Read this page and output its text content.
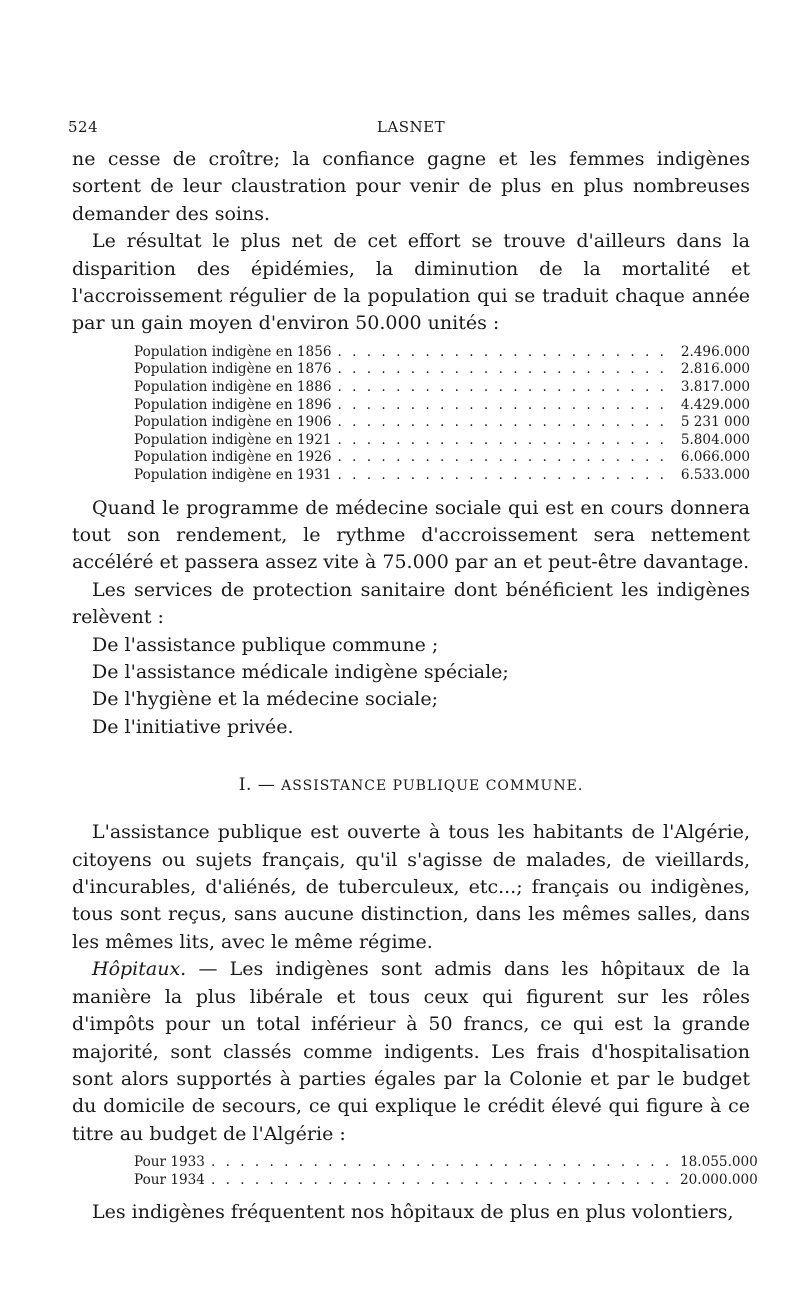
524	LASNET

ne cesse de croître; la confiance gagne et les femmes indigènes sortent de leur claustration pour venir de plus en plus nombreuses demander des soins.

Le résultat le plus net de cet effort se trouve d'ailleurs dans la disparition des épidémies, la diminution de la mortalité et l'accroissement régulier de la population qui se traduit chaque année par un gain moyen d'environ 50.000 unités :

Population indigène en 1856 . . .	2.496.000
Population indigène en 1876 . . .	2.816.000
Population indigène en 1886 . . .	3.817.000
Population indigène en 1896 . . .	4.429.000
Population indigène en 1906 . . .	5 231 000
Population indigène en 1921 . . .	5.804.000
Population indigène en 1926 . . .	6.066.000
Population indigène en 1931 . . .	6.533.000

Quand le programme de médecine sociale qui est en cours donnera tout son rendement, le rythme d'accroissement sera nettement accéléré et passera assez vite à 75.000 par an et peut-être davantage.

Les services de protection sanitaire dont bénéficient les indigènes relèvent :

De l'assistance publique commune ;
De l'assistance médicale indigène spéciale;
De l'hygiène et la médecine sociale;
De l'initiative privée.
I. — ASSISTANCE PUBLIQUE COMMUNE.

L'assistance publique est ouverte à tous les habitants de l'Algérie, citoyens ou sujets français, qu'il s'agisse de malades, de vieillards, d'incurables, d'aliénés, de tuberculeux, etc...; français ou indigènes, tous sont reçus, sans aucune distinction, dans les mêmes salles, dans les mêmes lits, avec le même régime.

Hôpitaux. — Les indigènes sont admis dans les hôpitaux de la manière la plus libérale et tous ceux qui figurent sur les rôles d'impôts pour un total inférieur à 50 francs, ce qui est la grande majorité, sont classés comme indigents. Les frais d'hospitalisation sont alors supportés à parties égales par la Colonie et par le budget du domicile de secours, ce qui explique le crédit élevé qui figure à ce titre au budget de l'Algérie :

Pour 1933 . . .	18.055.000
Pour 1934 . . .	20.000.000

Les indigènes fréquentent nos hôpitaux de plus en plus volontiers,
